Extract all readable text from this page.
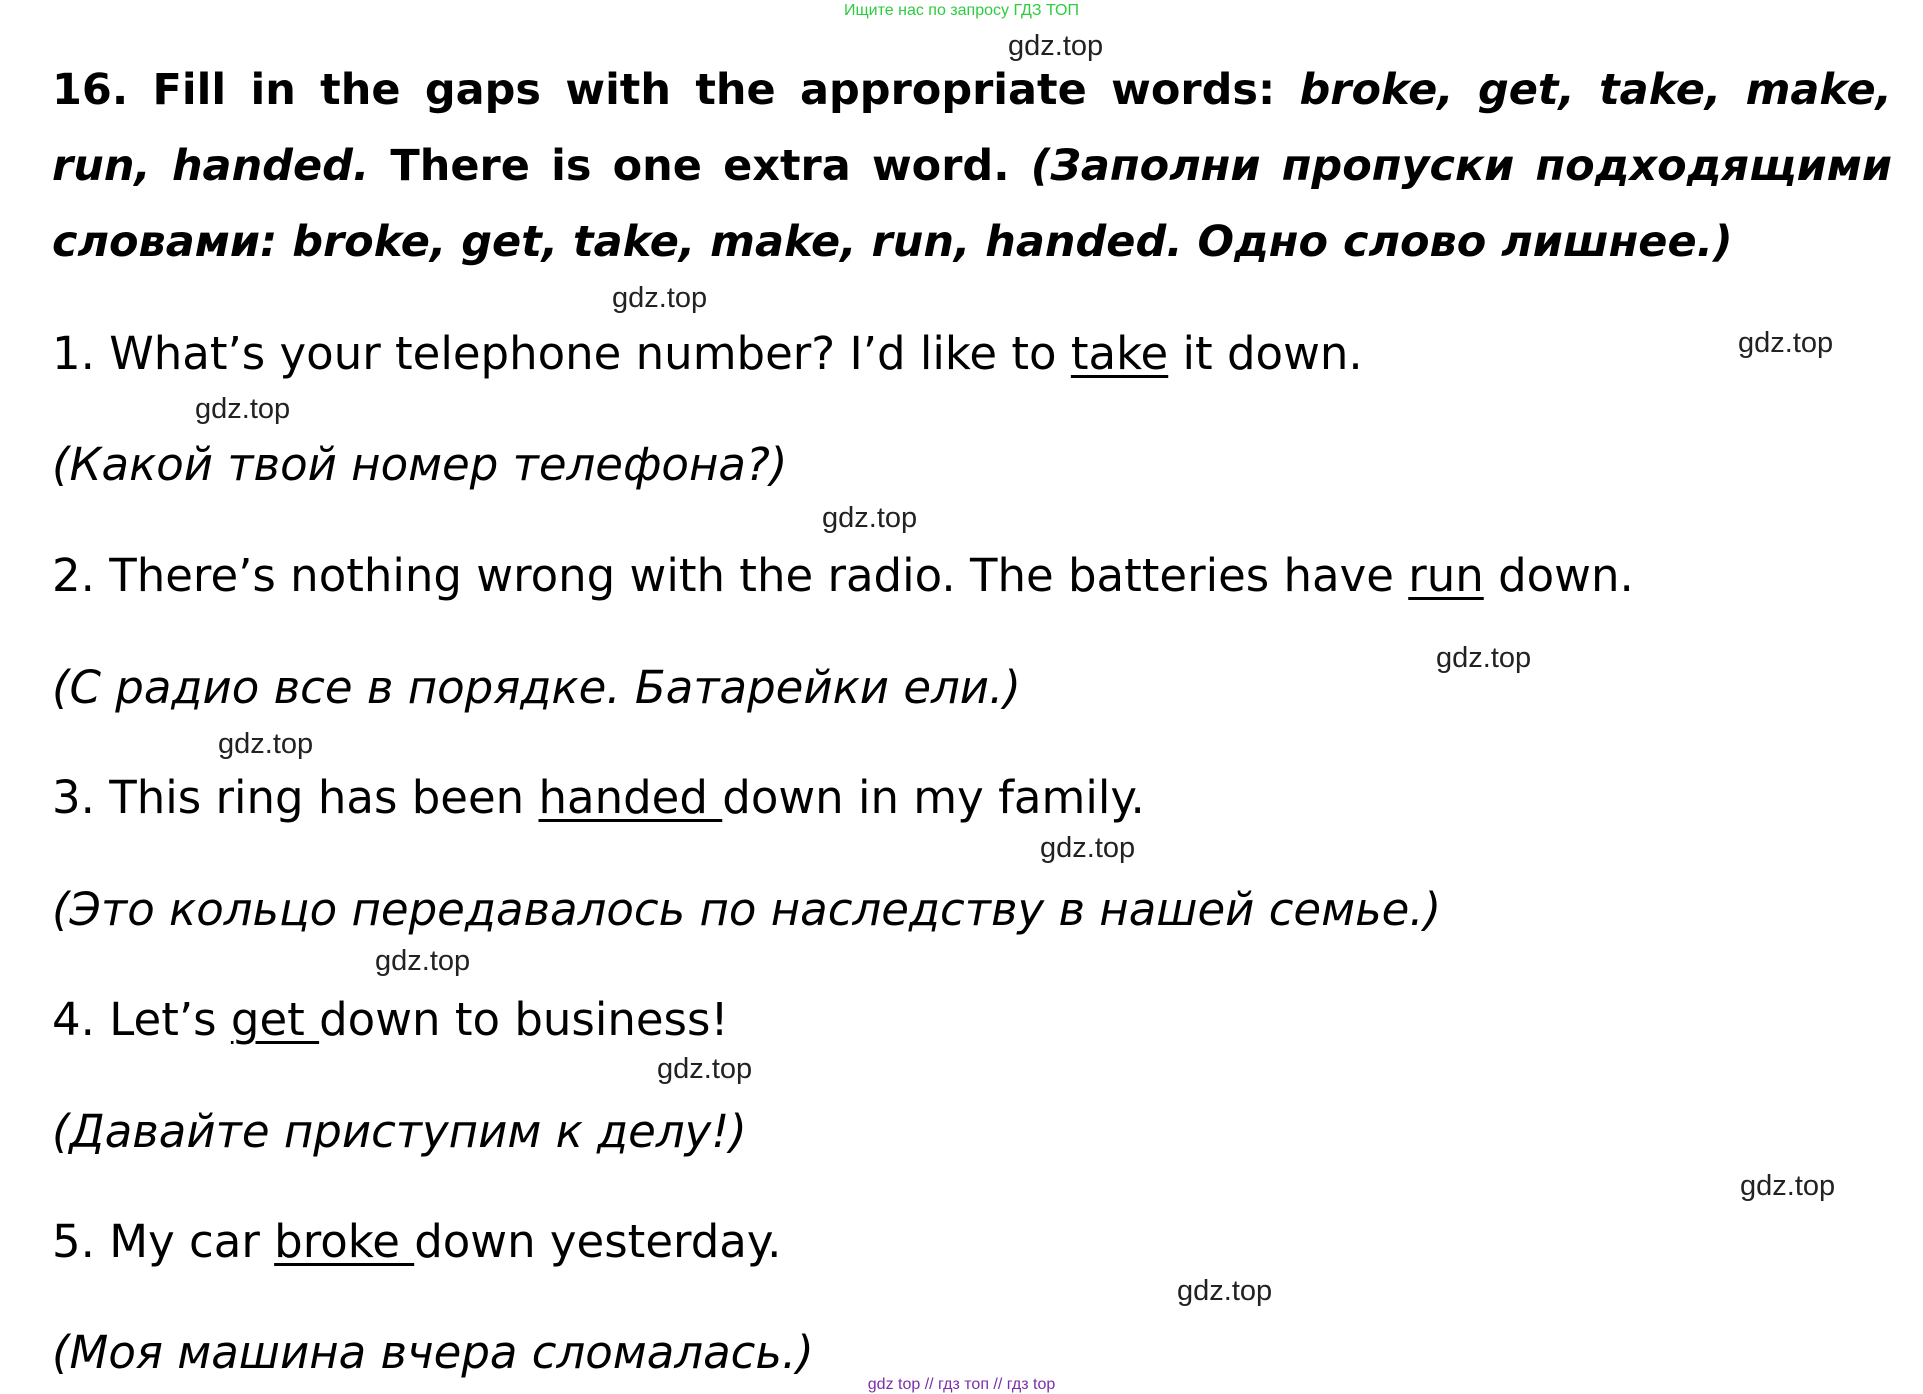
Ищите нас по запросу ГДЗ ТОП
16. Fill in the gaps with the appropriate words: broke, get, take, make, run, handed. There is one extra word. (Заполни пропуски подходящими словами: broke, get, take, make, run, handed. Одно слово лишнее.)
1. What’s your telephone number? I’d like to take it down.
(Какой твой номер телефона?)
2. There’s nothing wrong with the radio. The batteries have run down.
(С радио все в порядке. Батарейки ели.)
3. This ring has been handed down in my family.
(Это кольцо передавалось по наследству в нашей семье.)
4. Let’s get down to business!
(Давайте приступим к делу!)
5. My car broke down yesterday.
(Моя машина вчера сломалась.)
gdz.top
gdz.top
gdz.top
gdz.top
gdz.top
gdz.top
gdz.top
gdz.top
gdz.top
gdz.top
gdz.top
gdz.top
gdz top // гдз топ // гдз top
